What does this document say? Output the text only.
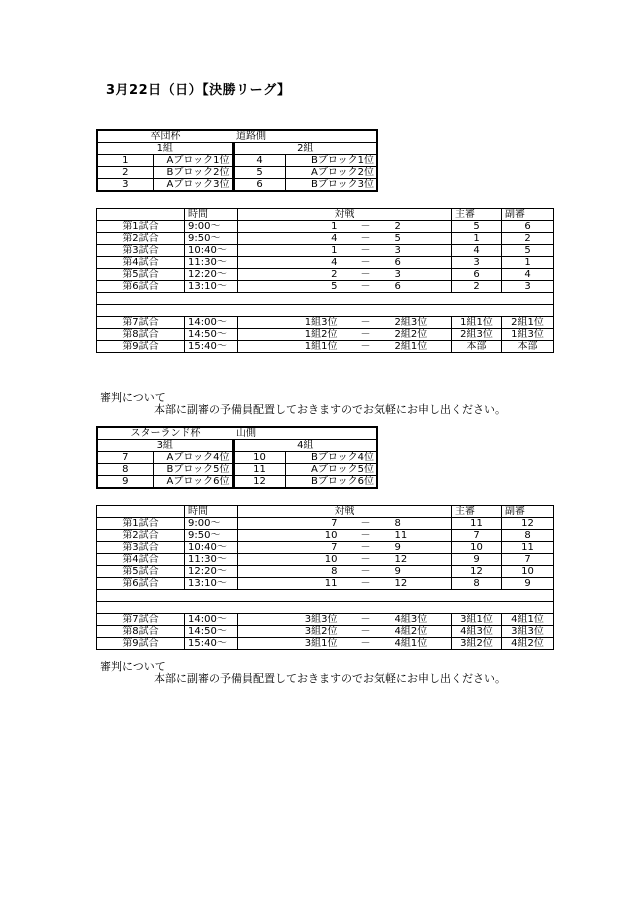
3月22日（日）【決勝リーグ】
卒団杯		道路側	
1組		2組	
1	Aブロック1位	4	Bブロック1位
2	Bブロック2位	5	Aブロック2位
3	Aブロック3位	6	Bブロック3位
	時間	対戦				主審	副審
第1試合	9:00～		1	－	2	5	6
第2試合	9:50～		4	－	5	1	2
第3試合	10:40～		1	－	3	4	5
第4試合	11:30～		4	－	6	3	1
第5試合	12:20～		2	－	3	6	4
第6試合	13:10～		5	－	6	2	3

第7試合	14:00～		1組3位	－	2組3位	1組1位	2組1位
第8試合	14:50～		1組2位	－	2組2位	2組3位	1組3位
第9試合	15:40～		1組1位	－	2組1位	本部	本部
審判について
本部に副審の予備員配置しておきますのでお気軽にお申し出ください。
スターランド杯		山側	
3組		4組	
7	Aブロック4位	10	Bブロック4位
8	Bブロック5位	11	Aブロック5位
9	Aブロック6位	12	Bブロック6位
	時間	対戦				主審	副審
第1試合	9:00～		7	－	8	11	12
第2試合	9:50～		10	－	11	7	8
第3試合	10:40～		7	－	9	10	11
第4試合	11:30～		10	－	12	9	7
第5試合	12:20～		8	－	9	12	10
第6試合	13:10～		11	－	12	8	9

第7試合	14:00～		3組3位	－	4組3位	3組1位	4組1位
第8試合	14:50～		3組2位	－	4組2位	4組3位	3組3位
第9試合	15:40～		3組1位	－	4組1位	3組2位	4組2位
審判について
本部に副審の予備員配置しておきますのでお気軽にお申し出ください。
